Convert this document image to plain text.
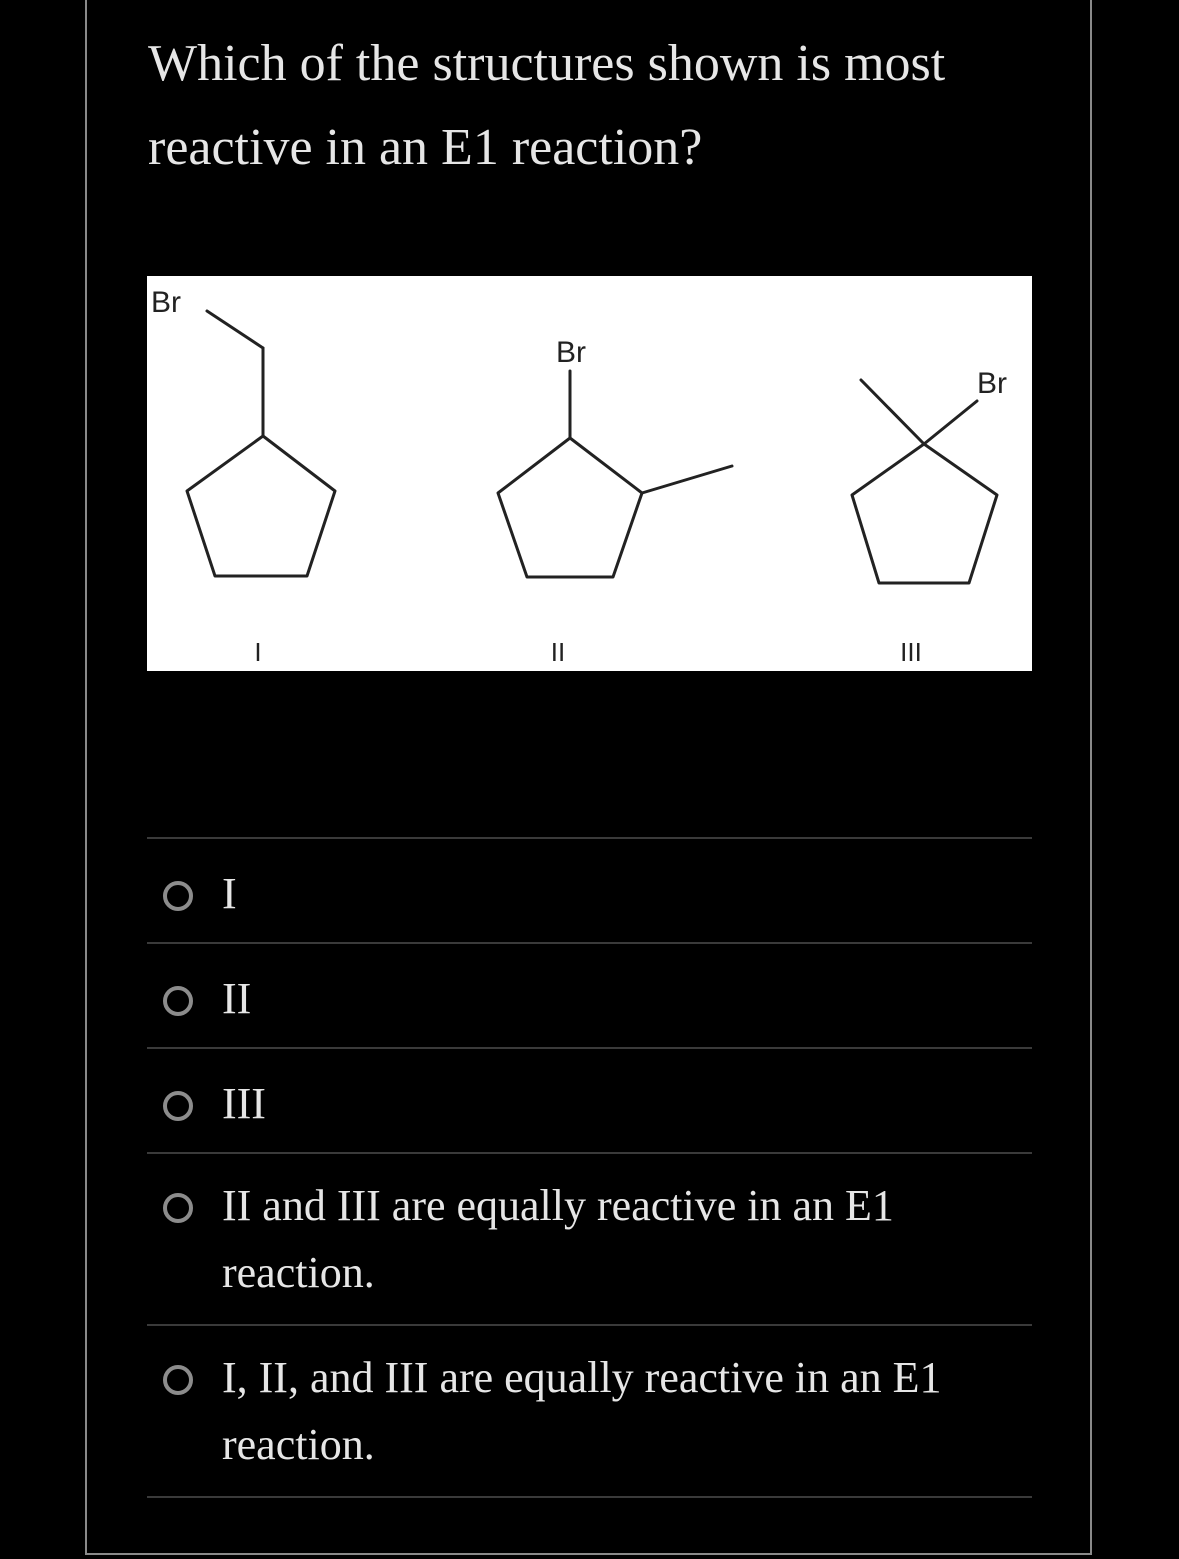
Which of the structures shown is most reactive in an E1 reaction?
Br
Br
Br
I	II	III
I
II
III
II and III are equally reactive in an E1 reaction.
I, II, and III are equally reactive in an E1 reaction.
